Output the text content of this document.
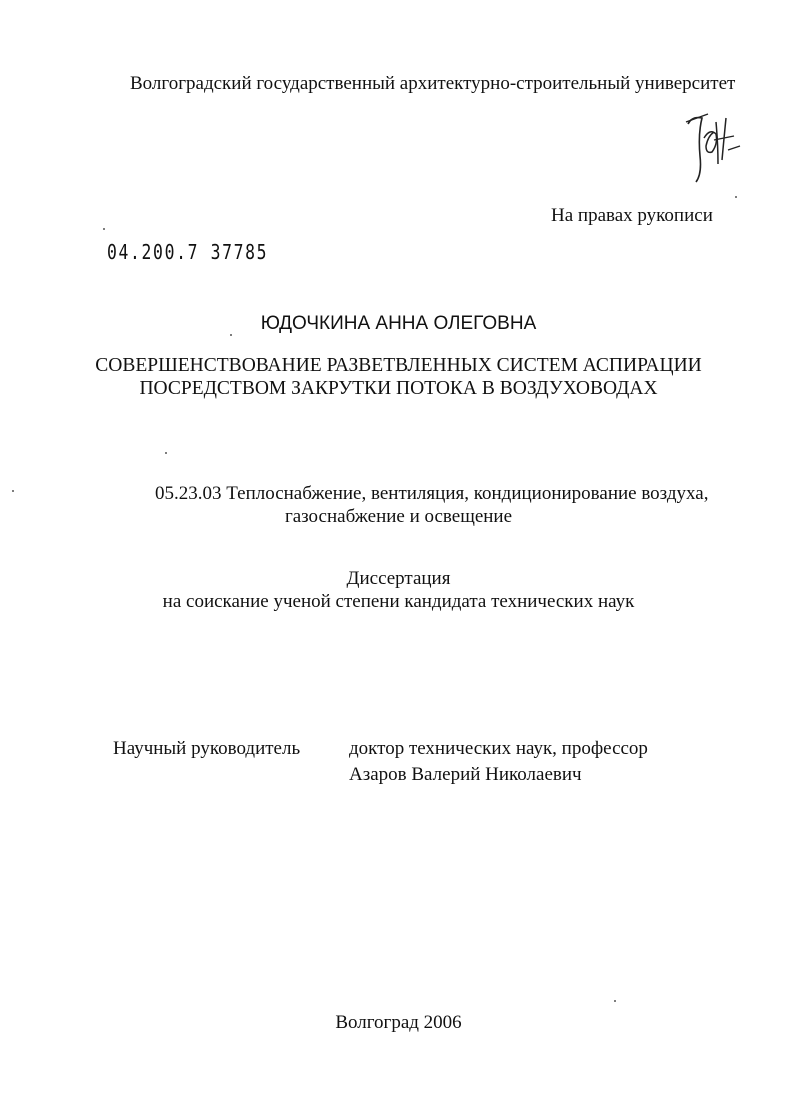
Волгоградский государственный архитектурно-строительный университет
На правах рукописи
04.200.7 37785
ЮДОЧКИНА АННА ОЛЕГОВНА
СОВЕРШЕНСТВОВАНИЕ РАЗВЕТВЛЕННЫХ СИСТЕМ АСПИРАЦИИ
ПОСРЕДСТВОМ ЗАКРУТКИ ПОТОКА В ВОЗДУХОВОДАХ
05.23.03 Теплоснабжение, вентиляция, кондиционирование воздуха,
газоснабжение и освещение
Диссертация
на соискание ученой степени кандидата технических наук
Научный руководитель	доктор технических наук, профессор
Азаров Валерий Николаевич
Волгоград 2006
